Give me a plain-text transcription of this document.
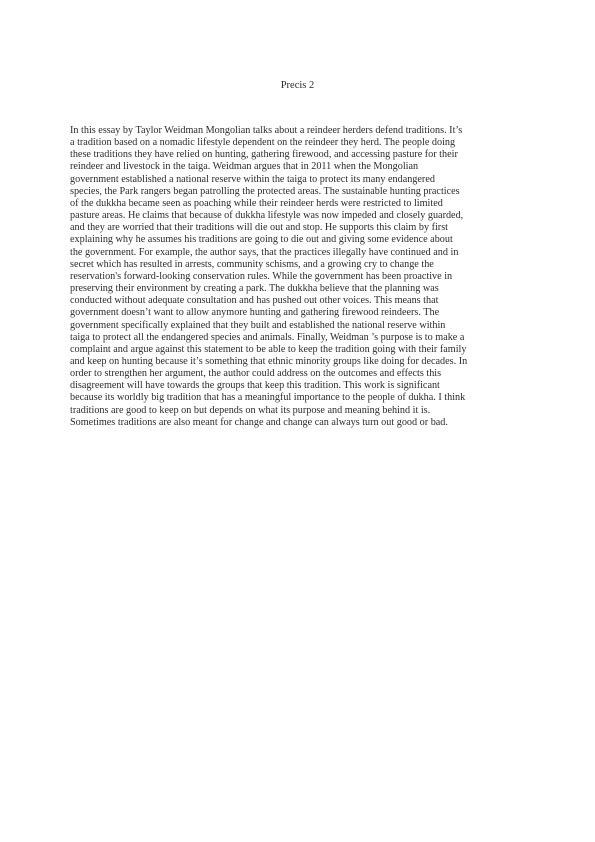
Precis 2
In this essay by Taylor Weidman Mongolian talks about a reindeer herders defend traditions. It’s
a tradition based on a nomadic lifestyle dependent on the reindeer they herd. The people doing
these traditions they have relied on hunting, gathering firewood, and accessing pasture for their
reindeer and livestock in the taiga. Weidman argues that in 2011 when the Mongolian
government established a national reserve within the taiga to protect its many endangered
species, the Park rangers began patrolling the protected areas. The sustainable hunting practices
of the dukkha became seen as poaching while their reindeer herds were restricted to limited
pasture areas. He claims that because of dukkha lifestyle was now impeded and closely guarded,
and they are worried that their traditions will die out and stop. He supports this claim by first
explaining why he assumes his traditions are going to die out and giving some evidence about
the government. For example, the author says, that the practices illegally have continued and in
secret which has resulted in arrests, community schisms, and a growing cry to change the
reservation's forward-looking conservation rules. While the government has been proactive in
preserving their environment by creating a park. The dukkha believe that the planning was
conducted without adequate consultation and has pushed out other voices. This means that
government doesn’t want to allow anymore hunting and gathering firewood reindeers. The
government specifically explained that they built and established the national reserve within
taiga to protect all the endangered species and animals. Finally, Weidman ’s purpose is to make a
complaint and argue against this statement to be able to keep the tradition going with their family
and keep on hunting because it’s something that ethnic minority groups like doing for decades. In
order to strengthen her argument, the author could address on the outcomes and effects this
disagreement will have towards the groups that keep this tradition. This work is significant
because its worldly big tradition that has a meaningful importance to the people of dukha. I think
traditions are good to keep on but depends on what its purpose and meaning behind it is.
Sometimes traditions are also meant for change and change can always turn out good or bad.
